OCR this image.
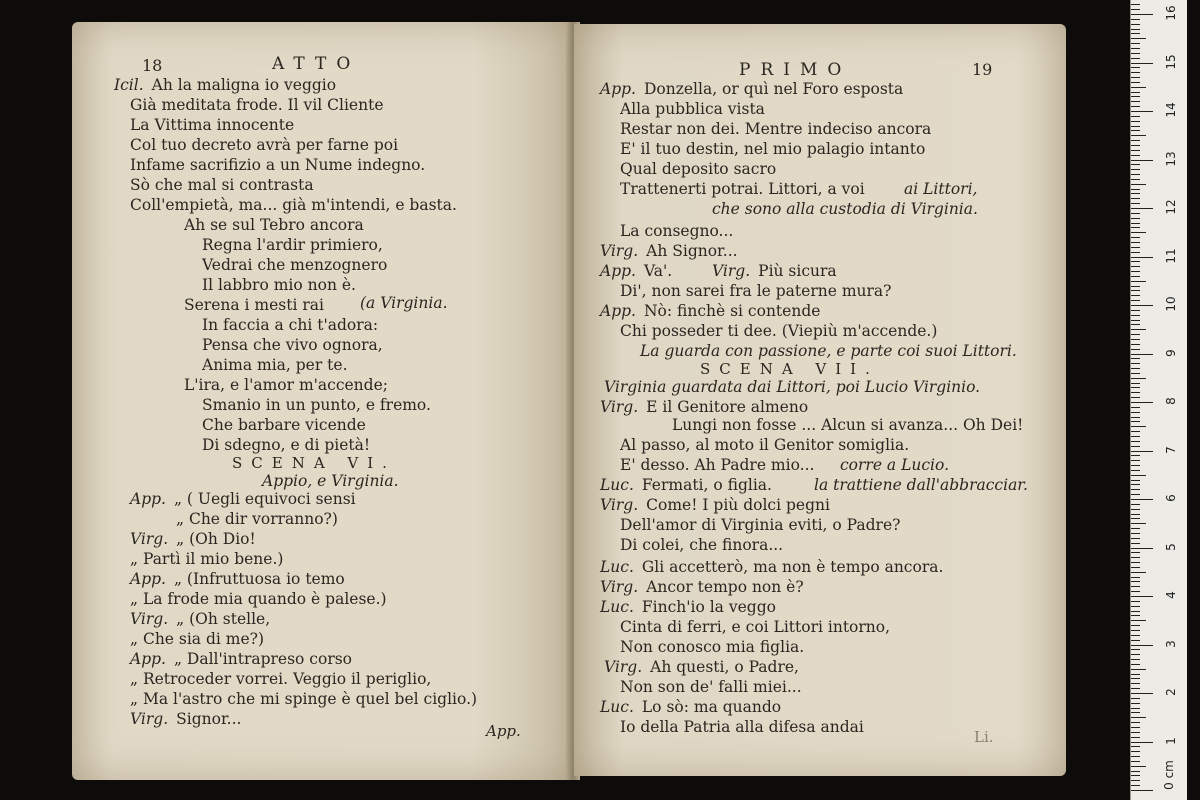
18	ATTO
Icil. Ah la maligna io veggio
Già meditata frode. Il vil Cliente
La Vittima innocente
Col tuo decreto avrà per farne poi
Infame sacrifizio a un Nume indegno.
Sò che mal si contrasta
Coll'empietà, ma... già m'intendi, e basta.
Ah se sul Tebro ancora
Regna l'ardir primiero,
Vedrai che menzognero
Il labbro mio non è.
Serena i mesti rai (a Virginia.
In faccia a chi t'adora:
Pensa che vivo ognora,
Anima mia, per te.
L'ira, e l'amor m'accende;
Smanio in un punto, e fremo.
Che barbare vicende
Di sdegno, e di pietà!
SCENA VI.
Appio, e Virginia.
App. „ ( Uegli equivoci sensi
„ Che dir vorranno?)
Virg. „ (Oh Dio!
„ Partì il mio bene.)
App. „ (Infruttuosa io temo
„ La frode mia quando è palese.)
Virg. „ (Oh stelle,
„ Che sia di me?)
App. „ Dall'intrapreso corso
„ Retroceder vorrei. Veggio il periglio,
„ Ma l'astro che mi spinge è quel bel ciglio.)
Virg. Signor...
App.
PRIMO	19
App. Donzella, or quì nel Foro esposta
Alla pubblica vista
Restar non dei. Mentre indeciso ancora
E' il tuo destin, nel mio palagio intanto
Qual deposito sacro
Trattenerti potrai. Littori, a voi	ai Littori,
che sono alla custodia di Virginia.
La consegno...
Virg. Ah Signor...
App. Va'.	Virg. Più sicura
Di', non sarei fra le paterne mura?
App. Nò: finchè si contende
Chi posseder ti dee. (Viepiù m'accende.)
La guarda con passione, e parte coi suoi Littori.
SCENA VII.
Virginia guardata dai Littori, poi Lucio Virginio.
Virg. E il Genitore almeno
Lungi non fosse ... Alcun si avanza... Oh Dei!
Al passo, al moto il Genitor somiglia.
E' desso. Ah Padre mio... corre a Lucio.
Luc. Fermati, o figlia.	la trattiene dall'abbracciar.
Virg. Come! I più dolci pegni
Dell'amor di Virginia eviti, o Padre?
Di colei, che finora...
Luc. Gli accetterò, ma non è tempo ancora.
Virg. Ancor tempo non è?
Luc. Finch'io la veggo
Cinta di ferri, e coi Littori intorno,
Non conosco mia figlia.
Virg. Ah questi, o Padre,
Non son de' falli miei...
Luc. Lo sò: ma quando
Io della Patria alla difesa andai
Li.
0 cm
1
2
3
4
5
6
7
8
9
10
11
12
13
14
15
16
